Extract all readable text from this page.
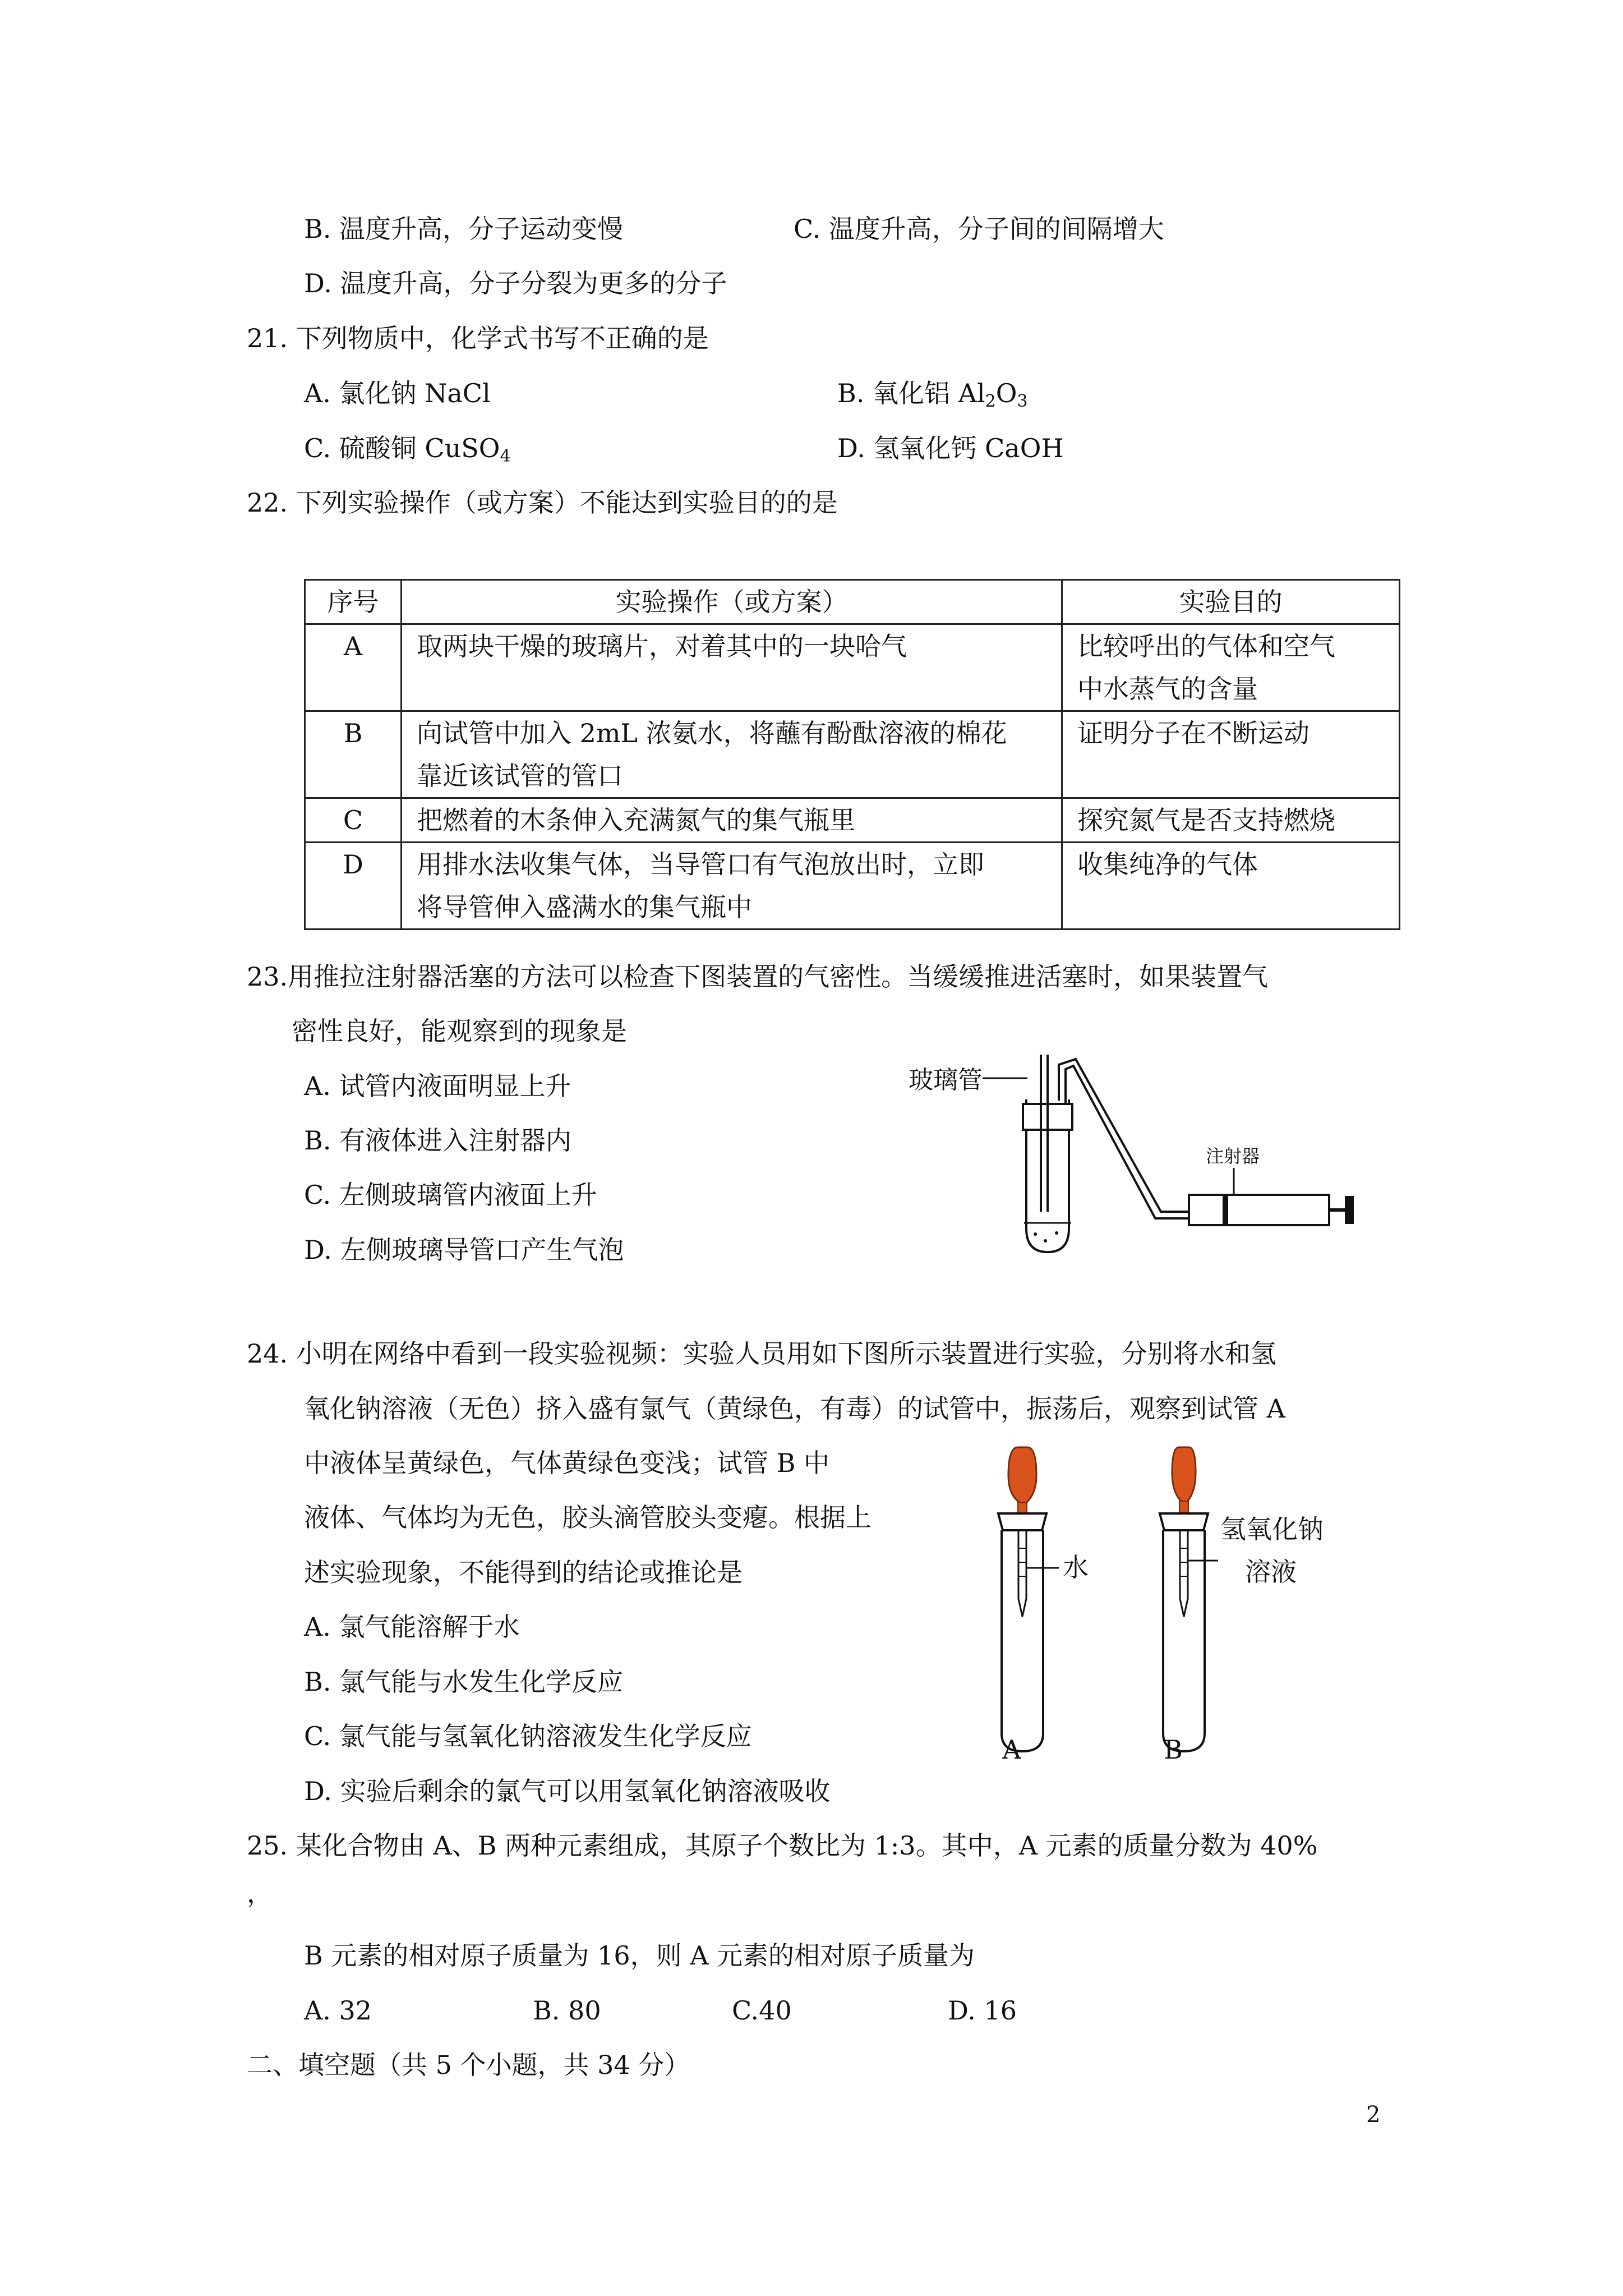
B. 温度升高，分子运动变慢	C. 温度升高，分子间的间隔增大
D. 温度升高，分子分裂为更多的分子
21. 下列物质中，化学式书写不正确的是
A. 氯化钠 NaCl	B. 氧化铝 $Al_2O_3$
C. 硫酸铜 CuSO$_4$	D. 氢氧化钙 CaOH
22. 下列实验操作（或方案）不能达到实验目的的是
序号	实验操作（或方案）	实验目的
A	取两块干燥的玻璃片，对着其中的一块哈气	比较呼出的气体和空气
中水蒸气的含量

B	向试管中加入 2mL 浓氨水，将蘸有酚酞溶液的棉花
靠近该试管的管口	证明分子在不断运动

C	把燃着的木条伸入充满氮气的集气瓶里	探究氮气是否支持燃烧

D	用排水法收集气体，当导管口有气泡放出时，立即
将导管伸入盛满水的集气瓶中	收集纯净的气体
23.用推拉注射器活塞的方法可以检查下图装置的气密性。当缓缓推进活塞时，如果装置气
密性良好，能观察到的现象是
A. 试管内液面明显上升
B. 有液体进入注射器内
C. 左侧玻璃管内液面上升
D. 左侧玻璃导管口产生气泡
玻璃管
注射器
24. 小明在网络中看到一段实验视频：实验人员用如下图所示装置进行实验，分别将水和氢
氧化钠溶液（无色）挤入盛有氯气（黄绿色，有毒）的试管中，振荡后，观察到试管 A
中液体呈黄绿色，气体黄绿色变浅；试管 B 中
液体、气体均为无色，胶头滴管胶头变瘪。根据上
述实验现象，不能得到的结论或推论是
A. 氯气能溶解于水
B. 氯气能与水发生化学反应
C. 氯气能与氢氧化钠溶液发生化学反应
D. 实验后剩余的氯气可以用氢氧化钠溶液吸收
水
A
氢氧化钠
溶液
B
25. 某化合物由 A、B 两种元素组成，其原子个数比为 1:3。其中，A 元素的质量分数为 40%
，
B 元素的相对原子质量为 16，则 A 元素的相对原子质量为
A. 32	B. 80	C.40	D. 16
二、填空题（共 5 个小题，共 34 分）
2
